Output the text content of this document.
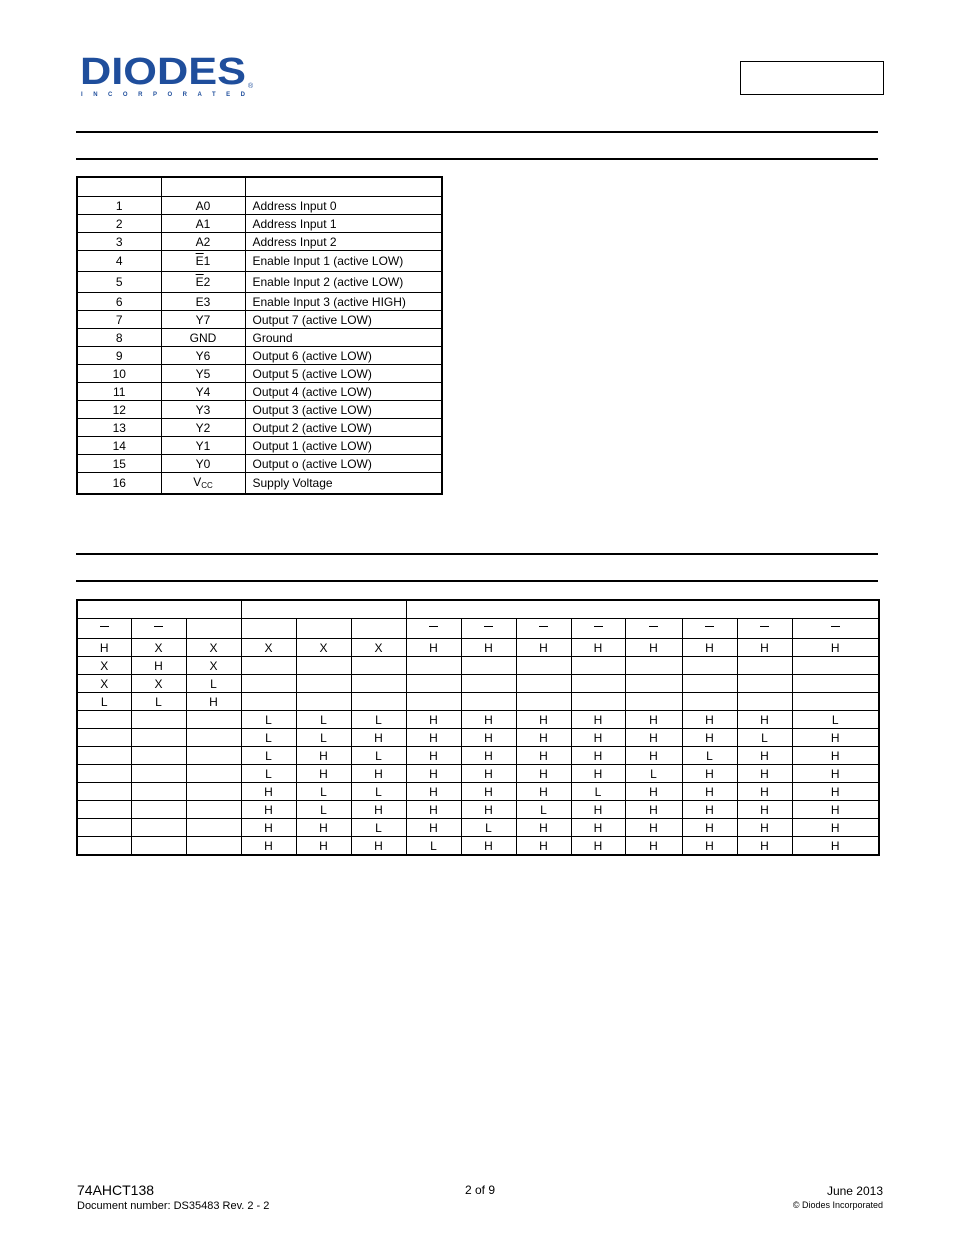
DIODES ®
INCORPORATED

1	A0	Address Input 0
2	A1	Address Input 1
3	A2	Address Input 2
4	$\overline{E}1$	Enable Input 1 (active LOW)
5	$\overline{E}2$	Enable Input 2 (active LOW)
6	E3	Enable Input 3 (active HIGH)
7	Y7	Output 7 (active LOW)
8	GND	Ground
9	Y6	Output 6 (active LOW)
10	Y5	Output 5 (active LOW)
11	Y4	Output 4 (active LOW)
12	Y3	Output 3 (active LOW)
13	Y2	Output 2 (active LOW)
14	Y1	Output 1 (active LOW)
15	Y0	Output o (active LOW)
16	$V_{CC}$	Supply Voltage

H	X	X	X	X	X	H	H	H	H	H	H	H	H
X	H	X											
X	X	L											
L	L	H											
			L	L	L	H	H	H	H	H	H	H	L
			L	L	H	H	H	H	H	H	H	L	H
			L	H	L	H	H	H	H	H	L	H	H
			L	H	H	H	H	H	H	L	H	H	H
			H	L	L	H	H	H	L	H	H	H	H
			H	L	H	H	H	L	H	H	H	H	H
			H	H	L	H	L	H	H	H	H	H	H
			H	H	H	L	H	H	H	H	H	H	H
74AHCT138
Document number: DS35483 Rev. 2 - 2
2 of 9	June 2013
© Diodes Incorporated
